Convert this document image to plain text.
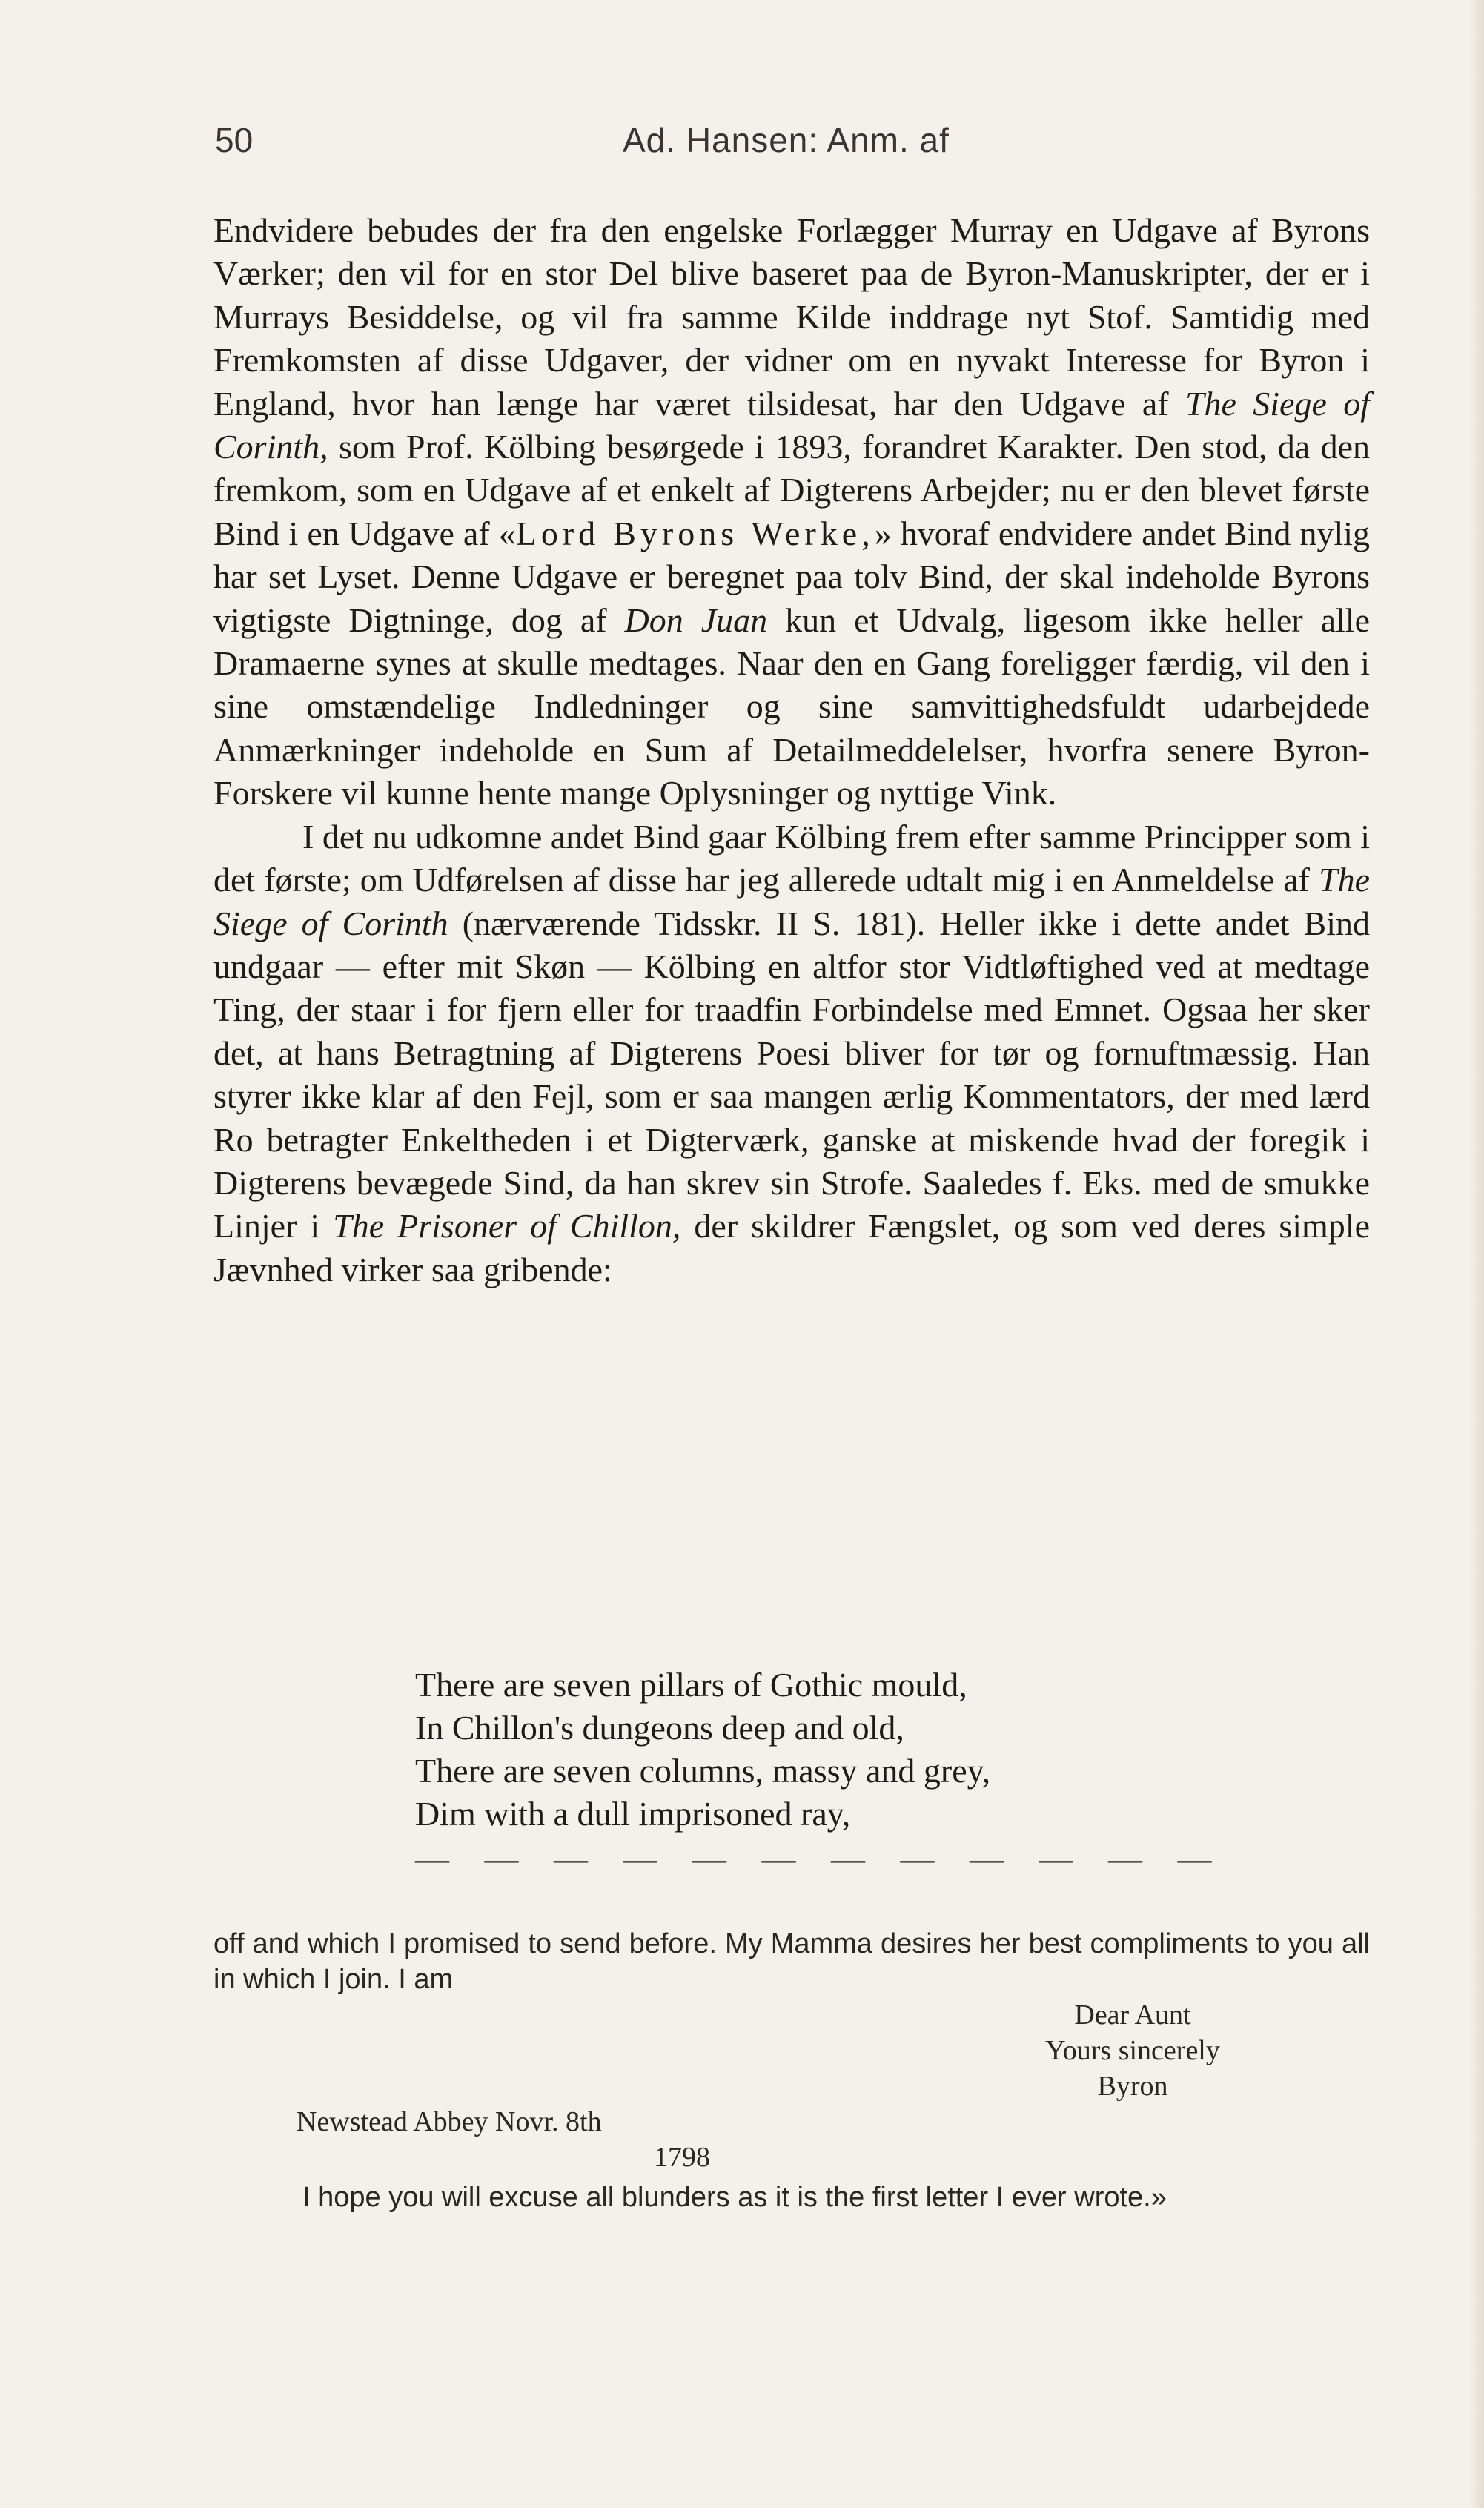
50	Ad. Hansen: Anm. af

Endvidere bebudes der fra den engelske Forlægger Murray en Udgave af Byrons Værker; den vil for en stor Del blive baseret paa de Byron-Manuskripter, der er i Murrays Besiddelse, og vil fra samme Kilde inddrage nyt Stof. Samtidig med Fremkomsten af disse Udgaver, der vidner om en nyvakt Interesse for Byron i England, hvor han længe har været tilsidesat, har den Udgave af The Siege of Corinth, som Prof. Kölbing besørgede i 1893, forandret Karakter. Den stod, da den fremkom, som en Udgave af et enkelt af Digterens Arbejder; nu er den blevet første Bind i en Udgave af «Lord Byrons Werke,» hvoraf endvidere andet Bind nylig har set Lyset. Denne Udgave er beregnet paa tolv Bind, der skal indeholde Byrons vigtigste Digtninge, dog af Don Juan kun et Udvalg, ligesom ikke heller alle Dramaerne synes at skulle medtages. Naar den en Gang foreligger færdig, vil den i sine omstændelige Indledninger og sine samvittighedsfuldt udarbejdede Anmærkninger indeholde en Sum af Detailmeddelelser, hvorfra senere Byron-Forskere vil kunne hente mange Oplysninger og nyttige Vink.

I det nu udkomne andet Bind gaar Kölbing frem efter samme Principper som i det første; om Udførelsen af disse har jeg allerede udtalt mig i en Anmeldelse af The Siege of Corinth (nærværende Tidsskr. II S. 181). Heller ikke i dette andet Bind undgaar — efter mit Skøn — Kölbing en altfor stor Vidtløftighed ved at medtage Ting, der staar i for fjern eller for traadfin Forbindelse med Emnet. Ogsaa her sker det, at hans Betragtning af Digterens Poesi bliver for tør og fornuftmæssig. Han styrer ikke klar af den Fejl, som er saa mangen ærlig Kommentators, der med lærd Ro betragter Enkeltheden i et Digterværk, ganske at miskende hvad der foregik i Digterens bevægede Sind, da han skrev sin Strofe. Saaledes f. Eks. med de smukke Linjer i The Prisoner of Chillon, der skildrer Fængslet, og som ved deres simple Jævnhed virker saa gribende:

There are seven pillars of Gothic mould,
In Chillon's dungeons deep and old,
There are seven columns, massy and grey,
Dim with a dull imprisoned ray,
— — — — — — — — — — — —

off and which I promised to send before. My Mamma desires her best compliments to you all in which I join. I am

Dear Aunt

Yours sincerely

Byron

Newstead Abbey Novr. 8th

1798

I hope you will excuse all blunders as it is the first letter I ever wrote.»
